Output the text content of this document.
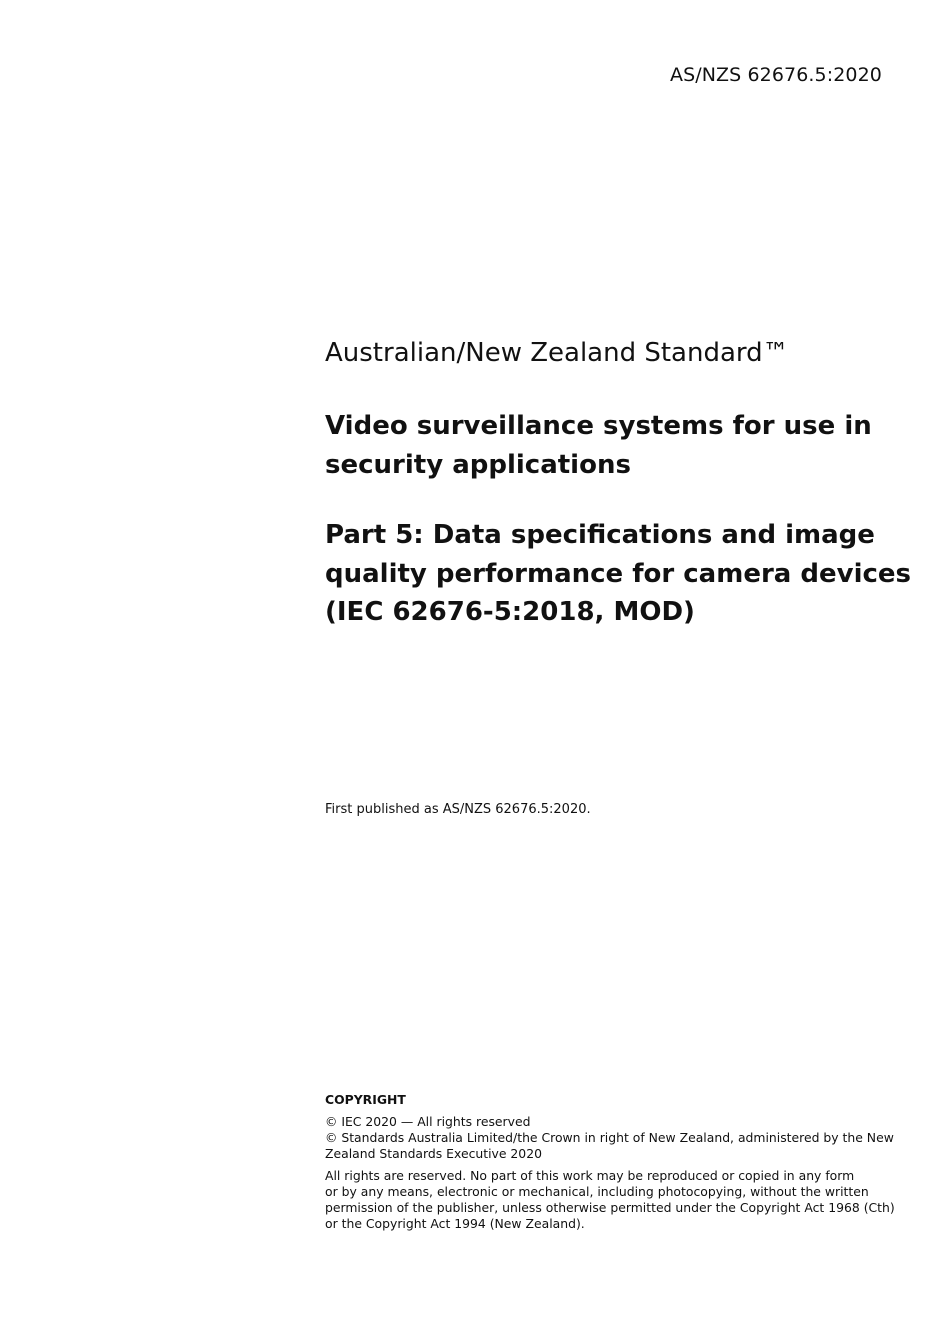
AS/NZS 62676.5:2020
Australian/New Zealand Standard™
Video surveillance systems for use in
security applications
Part 5: Data specifications and image
quality performance for camera devices
(IEC 62676-5:2018, MOD)
First published as AS/NZS 62676.5:2020.
COPYRIGHT
© IEC 2020 — All rights reserved
© Standards Australia Limited/the Crown in right of New Zealand, administered by the New
Zealand Standards Executive 2020
All rights are reserved. No part of this work may be reproduced or copied in any form
or by any means, electronic or mechanical, including photocopying, without the written
permission of the publisher, unless otherwise permitted under the Copyright Act 1968 (Cth)
or the Copyright Act 1994 (New Zealand).
